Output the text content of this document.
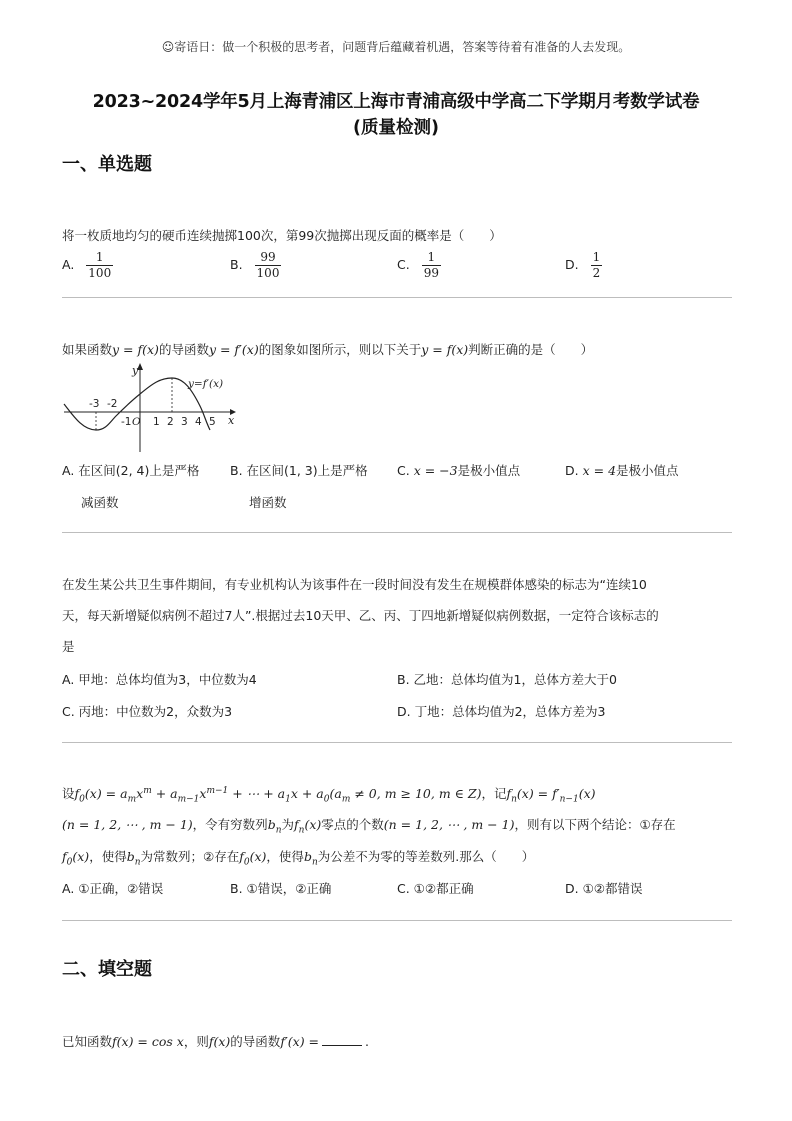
☺寄语日：做一个积极的思考者，问题背后蕴藏着机遇，答案等待着有准备的人去发现。
2023~2024学年5月上海青浦区上海市青浦高级中学高二下学期月考数学试卷
(质量检测)
一、单选题
将一枚质地均匀的硬币连续抛掷100次，第99次抛掷出现反面的概率是（　　）
A. $\frac{1}{100}$	B. $\frac{99}{100}$	C. $\frac{1}{99}$	D. $\frac{1}{2}$
如果函数y = f(x)的导函数y = f′(x)的图象如图所示，则以下关于y = f(x)判断正确的是（　　）
y
x
y=f′(x)
-3 -2
-1 O 1 2 3 4 5
A. 在区间(2, 4)上是严格
减函数
B. 在区间(1, 3)上是严格
增函数
C. x = −3是极小值点	D. x = 4是极小值点
在发生某公共卫生事件期间，有专业机构认为该事件在一段时间没有发生在规模群体感染的标志为“连续10
天，每天新增疑似病例不超过7人”.根据过去10天甲、乙、丙、丁四地新增疑似病例数据，一定符合该标志的
是
A. 甲地：总体均值为3，中位数为4	B. 乙地：总体均值为1，总体方差大于0
C. 丙地：中位数为2，众数为3	D. 丁地：总体均值为2，总体方差为3
设$f_0(x) = a_mx^m + a_{m-1}x^{m-1}$ + ⋯ + $a_1x + a_0(a_m \ne 0$, m ≥ 10, m ∈ Z)，记$f_n(x) = f'_{n-1}(x)$
(n = 1, 2, ⋯ , m − 1)，令有穷数列$b_n$为$f_n(x)$零点的个数(n = 1, 2, ⋯ , m − 1)，则有以下两个结论：①存在
$f_0(x)$，使得$b_n$为常数列；②存在$f_0(x)$，使得$b_n$为公差不为零的等差数列.那么（　　）
A. ①正确，②错误	B. ①错误，②正确	C. ①②都正确	D. ①②都错误
二、填空题
已知函数f(x) = cos x，则f(x)的导函数f′(x) =	.
